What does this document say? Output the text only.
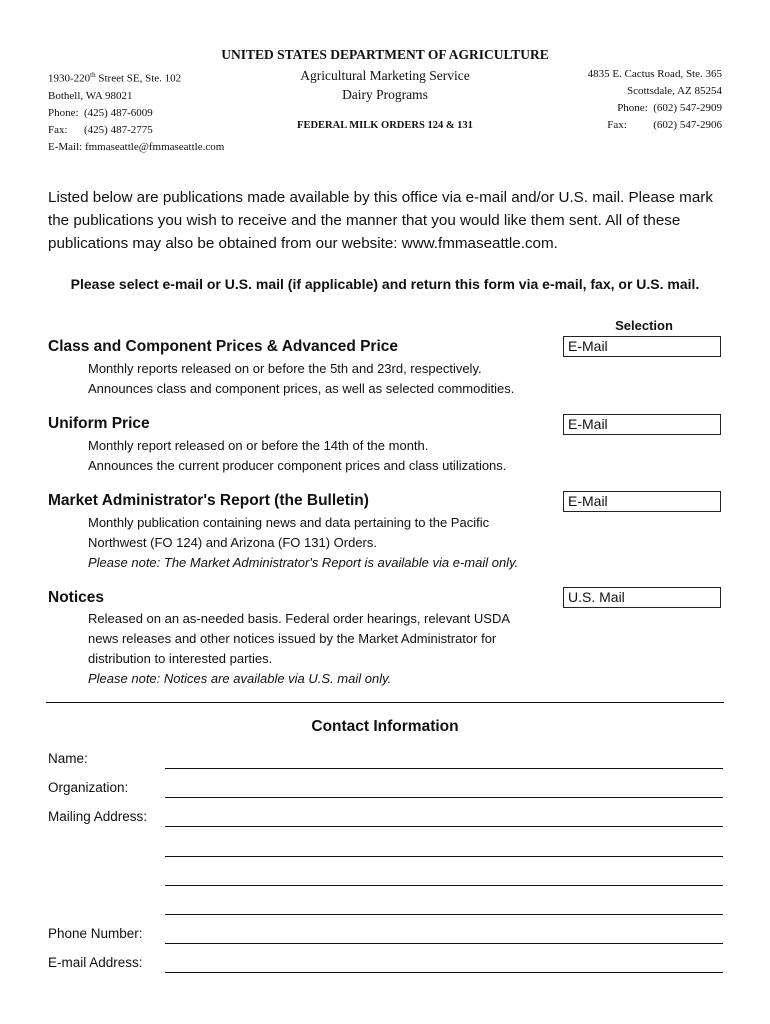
UNITED STATES DEPARTMENT OF AGRICULTURE
1930-220th Street SE, Ste. 102
Bothell, WA 98021
Phone: (425) 487-6009
Fax: (425) 487-2775
E-Mail: fmmaseattle@fmmaseattle.com
Agricultural Marketing Service
Dairy Programs
FEDERAL MILK ORDERS 124 & 131
4835 E. Cactus Road, Ste. 365
Scottsdale, AZ 85254
Phone: (602) 547-2909
Fax: (602) 547-2906
Listed below are publications made available by this office via e-mail and/or U.S. mail. Please mark the publications you wish to receive and the manner that you would like them sent. All of these publications may also be obtained from our website: www.fmmaseattle.com.
Please select e-mail or U.S. mail (if applicable) and return this form via e-mail, fax, or U.S. mail.
Selection
Class and Component Prices & Advanced Price	E-Mail
Monthly reports released on or before the 5th and 23rd, respectively.
Announces class and component prices, as well as selected commodities.
Uniform Price	E-Mail
Monthly report released on or before the 14th of the month.
Announces the current producer component prices and class utilizations.
Market Administrator's Report (the Bulletin)	E-Mail
Monthly publication containing news and data pertaining to the Pacific
Northwest (FO 124) and Arizona (FO 131) Orders.
Please note: The Market Administrator's Report is available via e-mail only.
Notices	U.S. Mail
Released on an as-needed basis. Federal order hearings, relevant USDA
news releases and other notices issued by the Market Administrator for
distribution to interested parties.
Please note: Notices are available via U.S. mail only.
Contact Information
Name:
Organization:
Mailing Address:
Phone Number:
E-mail Address:
